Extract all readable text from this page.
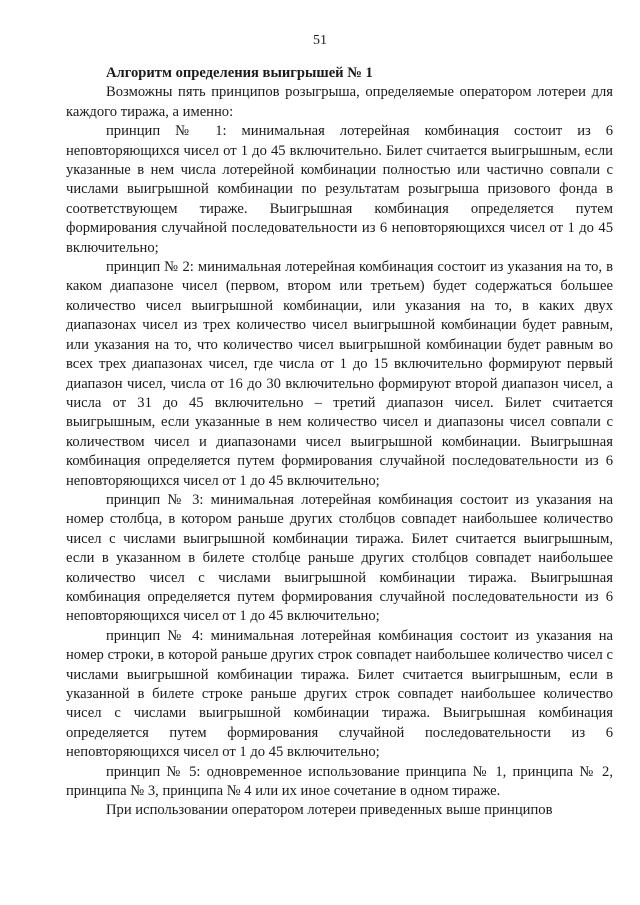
51

Алгоритм определения выигрышей № 1

Возможны пять принципов розыгрыша, определяемые оператором лотереи для каждого тиража, а именно:

принцип № 1: минимальная лотерейная комбинация состоит из 6 неповторяющихся чисел от 1 до 45 включительно. Билет считается выигрышным, если указанные в нем числа лотерейной комбинации полностью или частично совпали с числами выигрышной комбинации по результатам розыгрыша призового фонда в соответствующем тираже. Выигрышная комбинация определяется путем формирования случайной последовательности из 6 неповторяющихся чисел от 1 до 45 включительно;

принцип № 2: минимальная лотерейная комбинация состоит из указания на то, в каком диапазоне чисел (первом, втором или третьем) будет содержаться большее количество чисел выигрышной комбинации, или указания на то, в каких двух диапазонах чисел из трех количество чисел выигрышной комбинации будет равным, или указания на то, что количество чисел выигрышной комбинации будет равным во всех трех диапазонах чисел, где числа от 1 до 15 включительно формируют первый диапазон чисел, числа от 16 до 30 включительно формируют второй диапазон чисел, а числа от 31 до 45 включительно – третий диапазон чисел. Билет считается выигрышным, если указанные в нем количество чисел и диапазоны чисел совпали с количеством чисел и диапазонами чисел выигрышной комбинации. Выигрышная комбинация определяется путем формирования случайной последовательности из 6 неповторяющихся чисел от 1 до 45 включительно;

принцип № 3: минимальная лотерейная комбинация состоит из указания на номер столбца, в котором раньше других столбцов совпадет наибольшее количество чисел с числами выигрышной комбинации тиража. Билет считается выигрышным, если в указанном в билете столбце раньше других столбцов совпадет наибольшее количество чисел с числами выигрышной комбинации тиража. Выигрышная комбинация определяется путем формирования случайной последовательности из 6 неповторяющихся чисел от 1 до 45 включительно;

принцип № 4: минимальная лотерейная комбинация состоит из указания на номер строки, в которой раньше других строк совпадет наибольшее количество чисел с числами выигрышной комбинации тиража. Билет считается выигрышным, если в указанной в билете строке раньше других строк совпадет наибольшее количество чисел с числами выигрышной комбинации тиража. Выигрышная комбинация определяется путем формирования случайной последовательности из 6 неповторяющихся чисел от 1 до 45 включительно;

принцип № 5: одновременное использование принципа № 1, принципа № 2, принципа № 3, принципа № 4 или их иное сочетание в одном тираже.

При использовании оператором лотереи приведенных выше принципов
